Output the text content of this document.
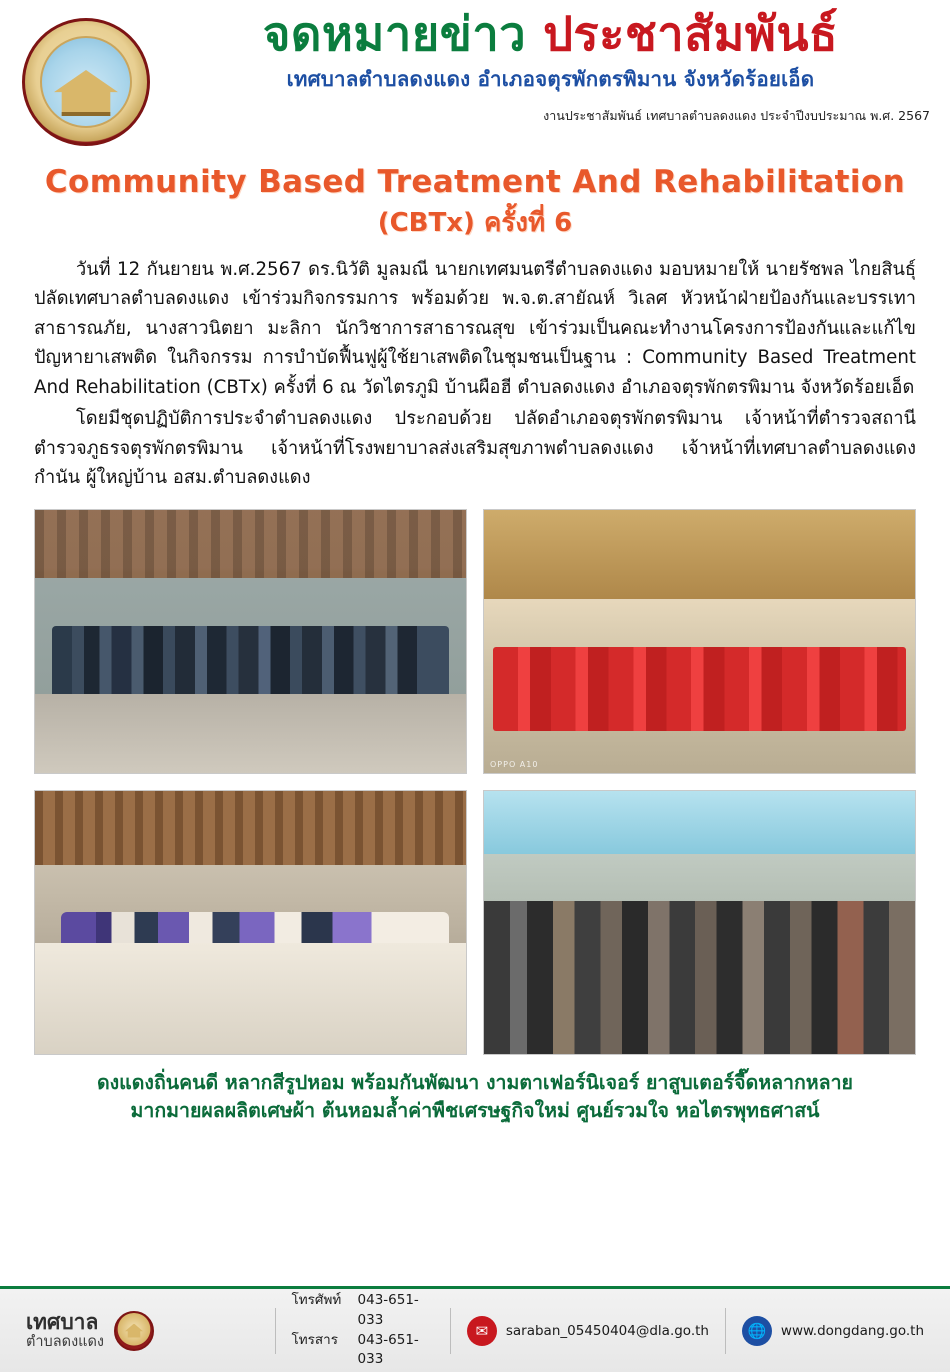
จดหมายข่าว ประชาสัมพันธ์
เทศบาลตำบลดงแดง อำเภอจตุรพักตรพิมาน จังหวัดร้อยเอ็ด
งานประชาสัมพันธ์ เทศบาลตำบลดงแดง ประจำปีงบประมาณ พ.ศ. 2567
Community Based Treatment And Rehabilitation
(CBTx) ครั้งที่ 6

วันที่ 12 กันยายน พ.ศ.2567 ดร.นิวัติ มูลมณี นายกเทศมนตรีตำบลดงแดง มอบหมายให้ นายรัชพล ไกยสินธุ์ ปลัดเทศบาลตำบลดงแดง เข้าร่วมกิจกรรมการ พร้อมด้วย พ.จ.ต.สายัณห์ วิเลศ หัวหน้าฝ่ายป้องกันและบรรเทาสาธารณภัย, นางสาวนิตยา มะลิกา นักวิชาการสาธารณสุข เข้าร่วมเป็นคณะทำงานโครงการป้องกันและแก้ไขปัญหายาเสพติด ในกิจกรรม การบำบัดฟื้นฟูผู้ใช้ยาเสพติดในชุมชนเป็นฐาน : Community Based Treatment And Rehabilitation (CBTx) ครั้งที่ 6 ณ วัดไตรภูมิ บ้านผือฮี ตำบลดงแดง อำเภอจตุรพักตรพิมาน จังหวัดร้อยเอ็ด

โดยมีชุดปฏิบัติการประจำตำบลดงแดง ประกอบด้วย ปลัดอำเภอจตุรพักตรพิมาน เจ้าหน้าที่ตำรวจสถานีตำรวจภูธรจตุรพักตรพิมาน เจ้าหน้าที่โรงพยาบาลส่งเสริมสุขภาพตำบลดงแดง เจ้าหน้าที่เทศบาลตำบลดงแดง กำนัน ผู้ใหญ่บ้าน อสม.ตำบลดงแดง

OPPO A10
ดงแดงถิ่นคนดี หลากสีรูปหอม พร้อมกันพัฒนา งามตาเฟอร์นิเจอร์ ยาสูบเตอร์จี๊ดหลากหลาย
มากมายผลผลิตเศษผ้า ต้นหอมล้ำค่าพืชเศรษฐกิจใหม่ ศูนย์รวมใจ หอไตรพุทธศาสน์
เทศบาล
ตำบลดงแดง
โทรศัพท์	043-651-033
โทรสาร	043-651-033
✉	saraban_05450404@dla.go.th	🌐	www.dongdang.go.th
